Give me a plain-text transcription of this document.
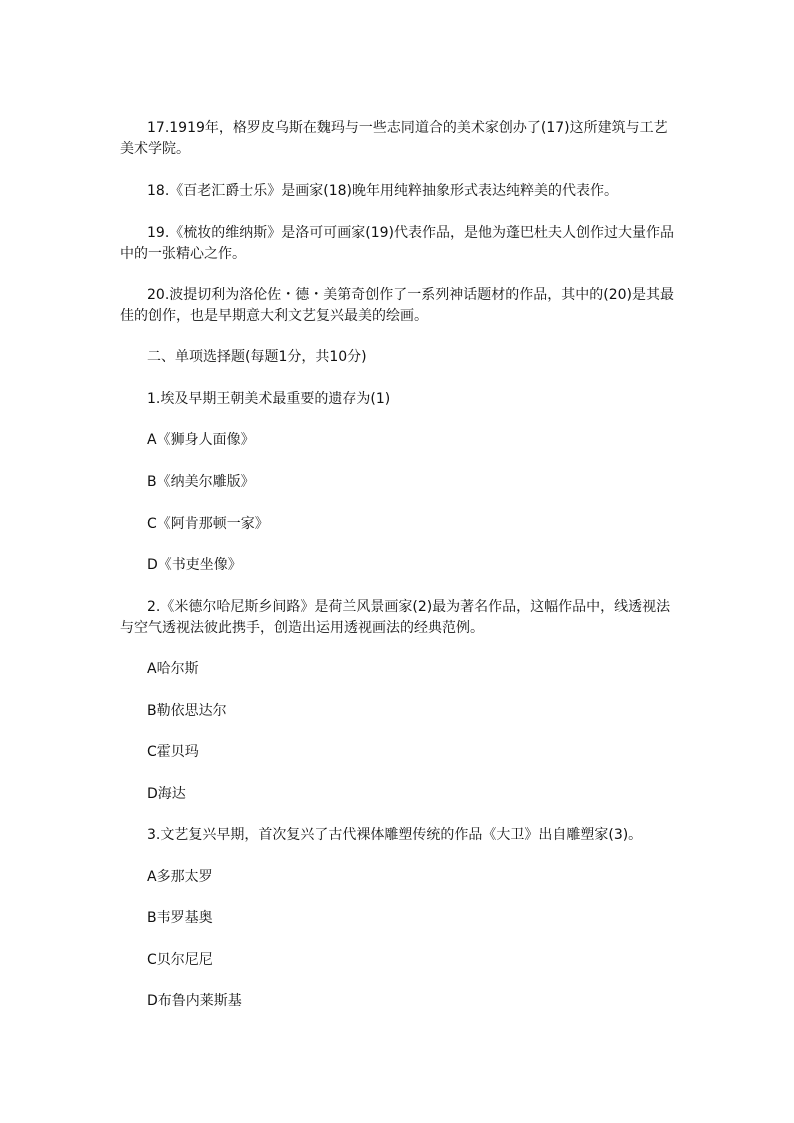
17.1919年，格罗皮乌斯在魏玛与一些志同道合的美术家创办了(17)这所建筑与工艺
美术学院。
18.《百老汇爵士乐》是画家(18)晚年用纯粹抽象形式表达纯粹美的代表作。
19.《梳妆的维纳斯》是洛可可画家(19)代表作品，是他为蓬巴杜夫人创作过大量作品
中的一张精心之作。
20.波提切利为洛伦佐・德・美第奇创作了一系列神话题材的作品，其中的(20)是其最
佳的创作，也是早期意大利文艺复兴最美的绘画。
二、单项选择题(每题1分，共10分)
1.埃及早期王朝美术最重要的遗存为(1)
A《狮身人面像》
B《纳美尔雕版》
C《阿肯那顿一家》
D《书吏坐像》
2.《米德尔哈尼斯乡间路》是荷兰风景画家(2)最为著名作品，这幅作品中，线透视法
与空气透视法彼此携手，创造出运用透视画法的经典范例。
A哈尔斯
B勒依思达尔
C霍贝玛
D海达
3.文艺复兴早期，首次复兴了古代裸体雕塑传统的作品《大卫》出自雕塑家(3)。
A多那太罗
B韦罗基奥
C贝尔尼尼
D布鲁内莱斯基
